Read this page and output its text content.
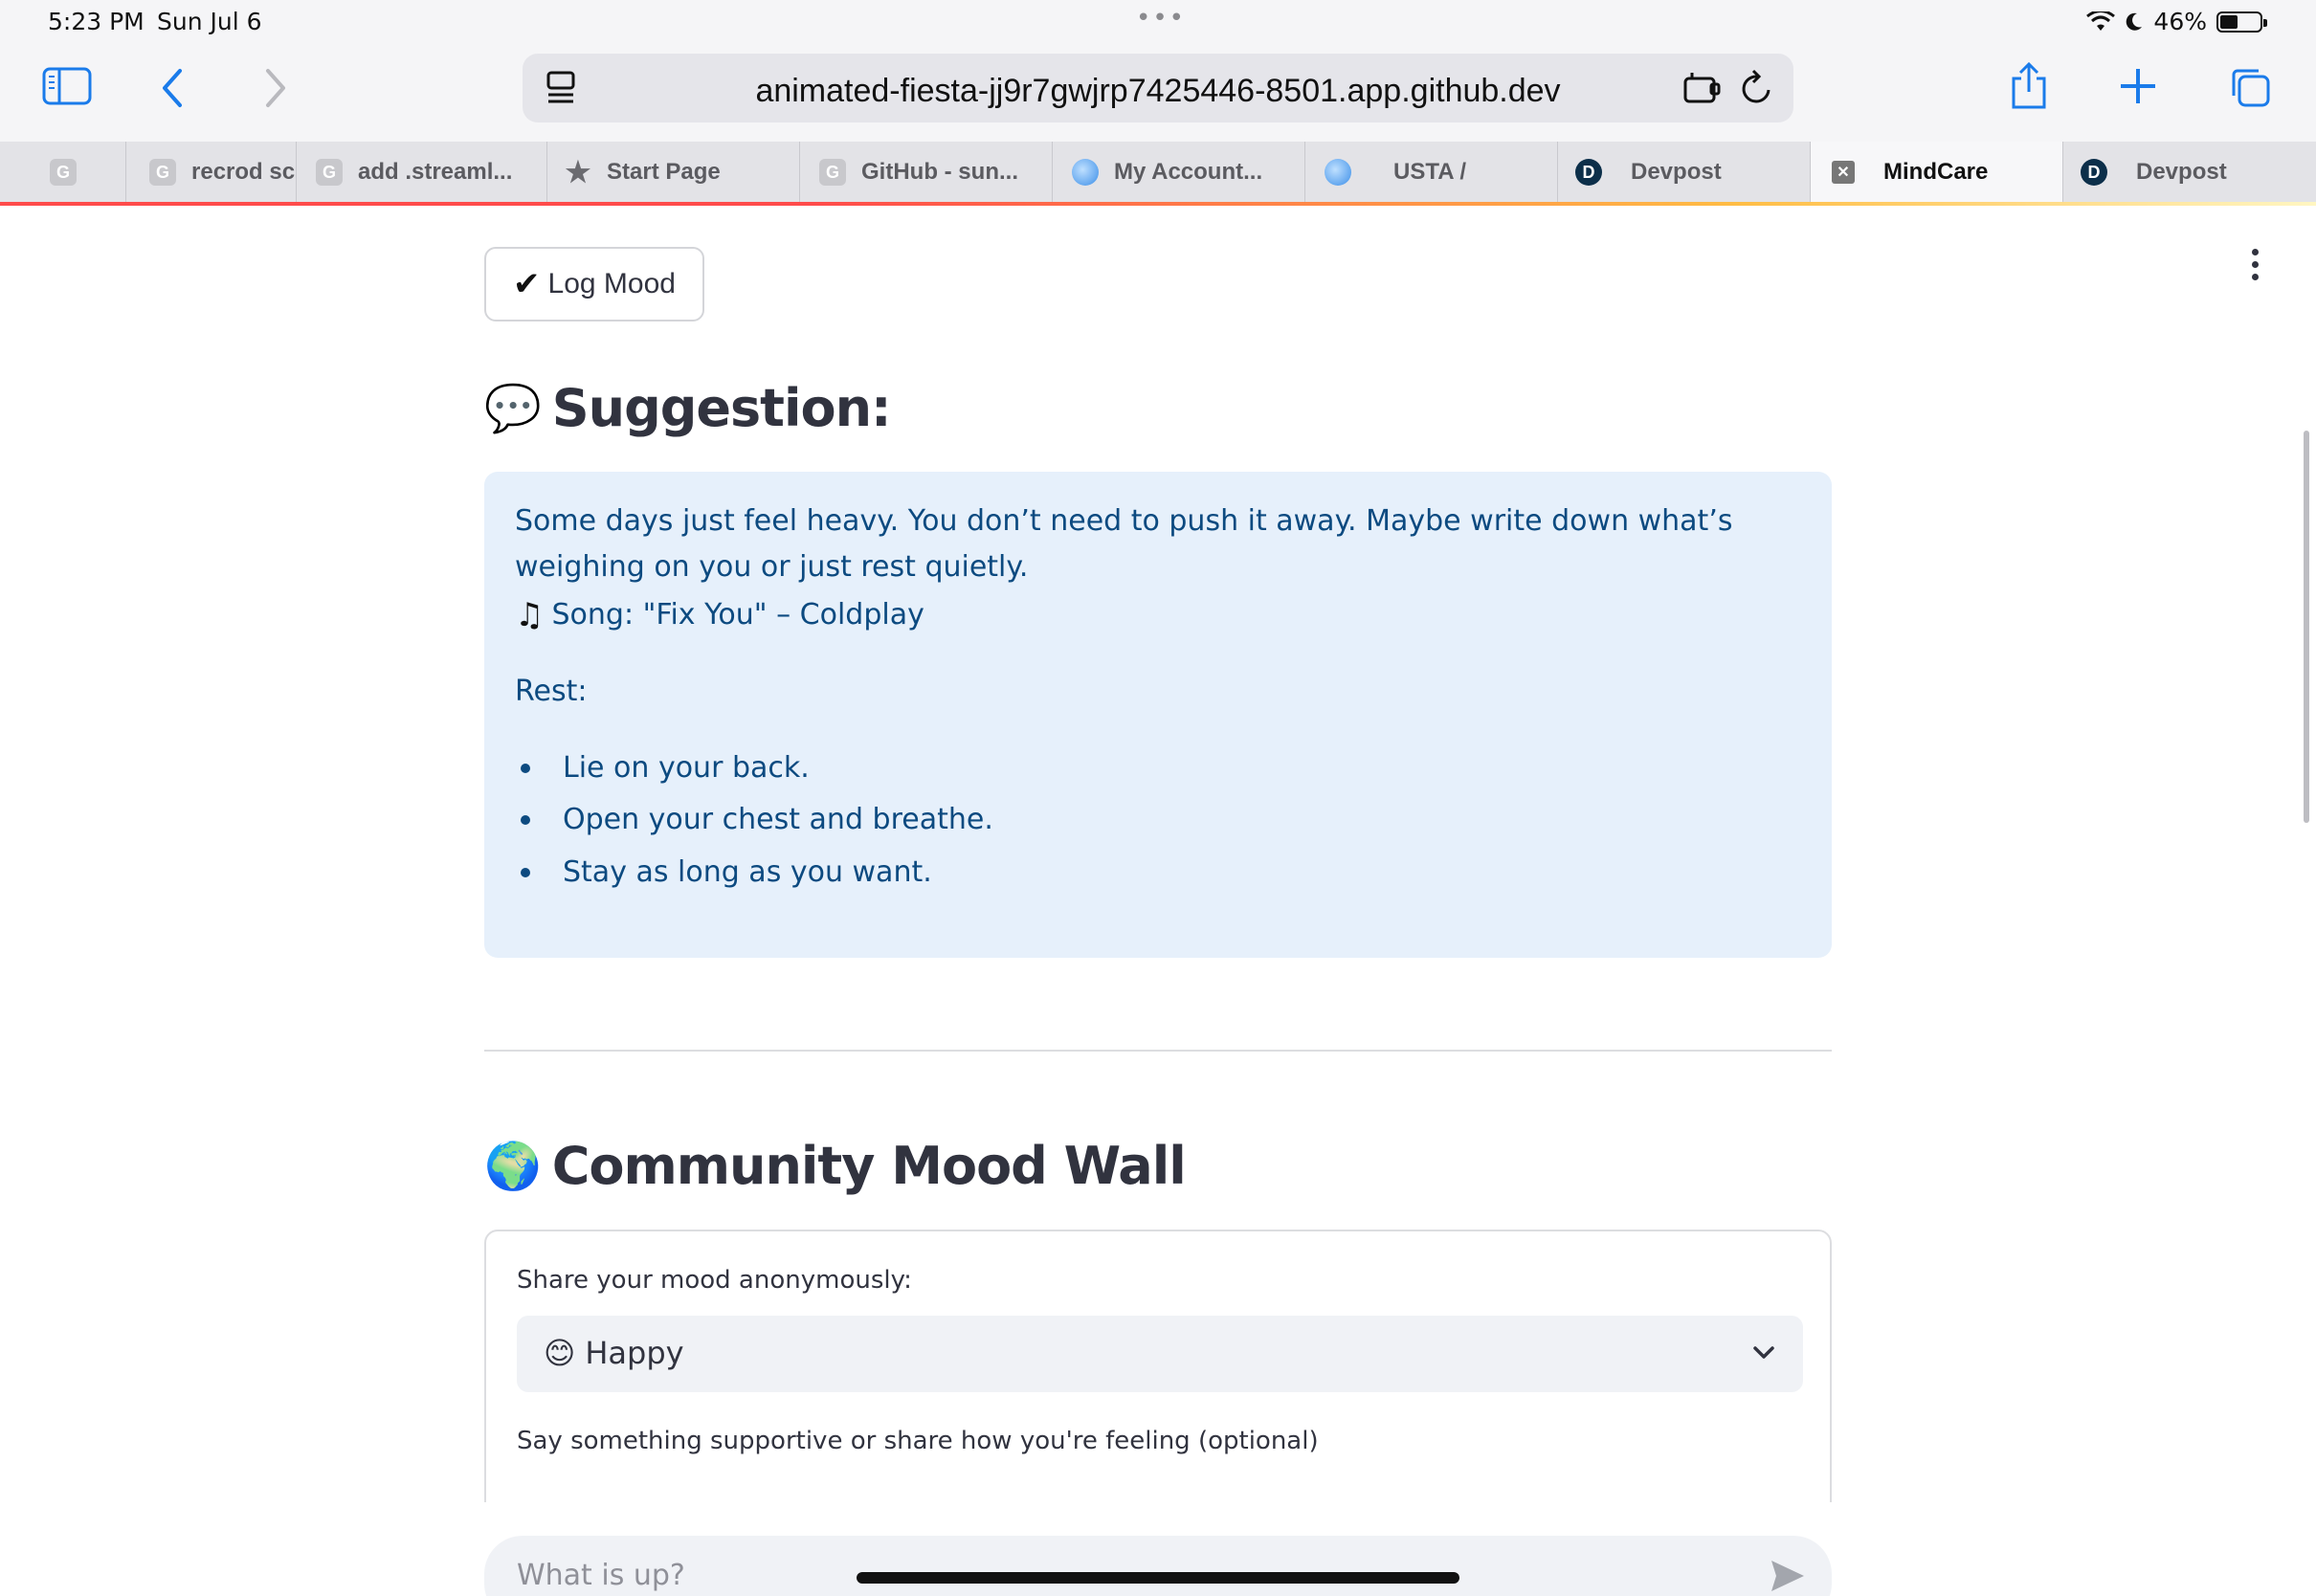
5:23 PM Sun Jul 6	•••	46%
animated-fiesta-jj9r7gwjrp7425446-8501.app.github.dev
G	G recrod sc	G add .streaml... ★ Start Page	G GitHub - sun...	My Account...	USTA /	D	Devpost	✕ MindCare	D	Devpost
✔ Log Mood
💬 Suggestion:
Some days just feel heavy. You don’t need to push it away. Maybe write down what’s weighing on you or just rest quietly.
♫ Song: "Fix You" – Coldplay
Rest:
Lie on your back.
Open your chest and breathe.
Stay as long as you want.
🌍 Community Mood Wall
Share your mood anonymously:
😊 Happy
Say something supportive or share how you're feeling (optional)
What is up?
